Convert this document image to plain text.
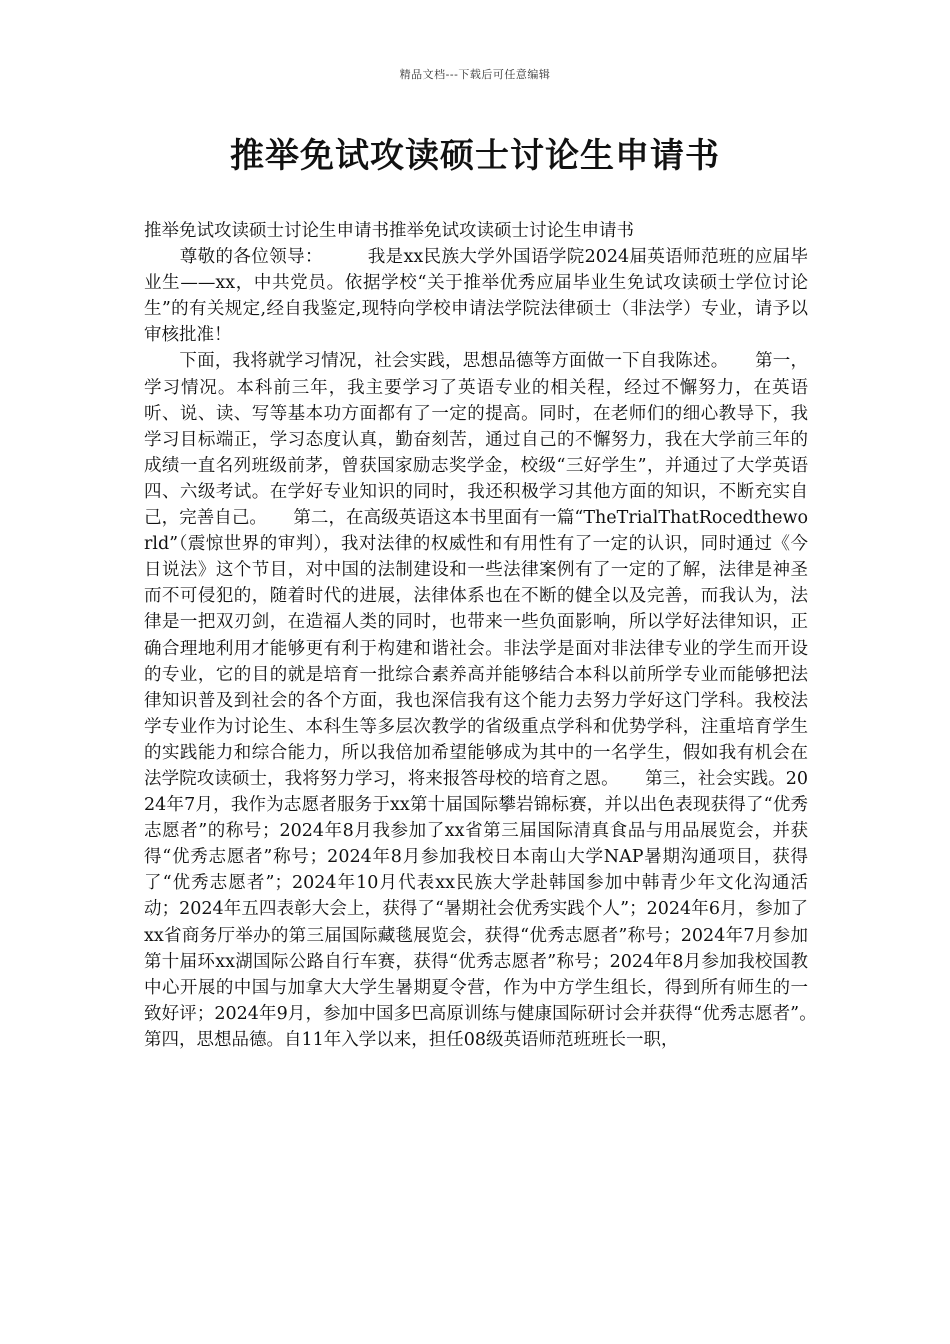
精品文档---下载后可任意编辑
推举免试攻读硕士讨论生申请书

推举免试攻读硕士讨论生申请书推举免试攻读硕士讨论生申请书

　　尊敬的各位领导：　　　我是xx民族大学外国语学院2024届英语师范班的应届毕业生——xx，中共党员。依据学校“关于推举优秀应届毕业生免试攻读硕士学位讨论生”的有关规定,经自我鉴定,现特向学校申请法学院法律硕士（非法学）专业，请予以审核批准！

　　下面，我将就学习情况，社会实践，思想品德等方面做一下自我陈述。　　第一，学习情况。本科前三年，我主要学习了英语专业的相关程，经过不懈努力，在英语听、说、读、写等基本功方面都有了一定的提高。同时，在老师们的细心教导下，我学习目标端正，学习态度认真，勤奋刻苦，通过自己的不懈努力，我在大学前三年的成绩一直名列班级前茅，曾获国家励志奖学金，校级“三好学生”，并通过了大学英语四、六级考试。在学好专业知识的同时，我还积极学习其他方面的知识，不断充实自己，完善自己。　　第二，在高级英语这本书里面有一篇“TheTrialThatRocedtheworld”（震惊世界的审判），我对法律的权威性和有用性有了一定的认识，同时通过《今日说法》这个节目，对中国的法制建设和一些法律案例有了一定的了解，法律是神圣而不可侵犯的，随着时代的进展，法律体系也在不断的健全以及完善，而我认为，法律是一把双刃剑，在造福人类的同时，也带来一些负面影响，所以学好法律知识，正确合理地利用才能够更有利于构建和谐社会。非法学是面对非法律专业的学生而开设的专业，它的目的就是培育一批综合素养高并能够结合本科以前所学专业而能够把法律知识普及到社会的各个方面，我也深信我有这个能力去努力学好这门学科。我校法学专业作为讨论生、本科生等多层次教学的省级重点学科和优势学科，注重培育学生的实践能力和综合能力，所以我倍加希望能够成为其中的一名学生，假如我有机会在法学院攻读硕士，我将努力学习，将来报答母校的培育之恩。　　第三，社会实践。2024年7月，我作为志愿者服务于xx第十届国际攀岩锦标赛，并以出色表现获得了“优秀志愿者”的称号；2024年8月我参加了xx省第三届国际清真食品与用品展览会，并获得“优秀志愿者”称号；2024年8月参加我校日本南山大学NAP暑期沟通项目，获得了“优秀志愿者”；2024年10月代表xx民族大学赴韩国参加中韩青少年文化沟通活动；2024年五四表彰大会上，获得了“暑期社会优秀实践个人”；2024年6月，参加了xx省商务厅举办的第三届国际藏毯展览会，获得“优秀志愿者”称号；2024年7月参加第十届环xx湖国际公路自行车赛，获得“优秀志愿者”称号；2024年8月参加我校国教中心开展的中国与加拿大大学生暑期夏令营，作为中方学生组长，得到所有师生的一致好评；2024年9月，参加中国多巴高原训练与健康国际研讨会并获得“优秀志愿者”。　　第四，思想品德。自11年入学以来，担任08级英语师范班班长一职，
